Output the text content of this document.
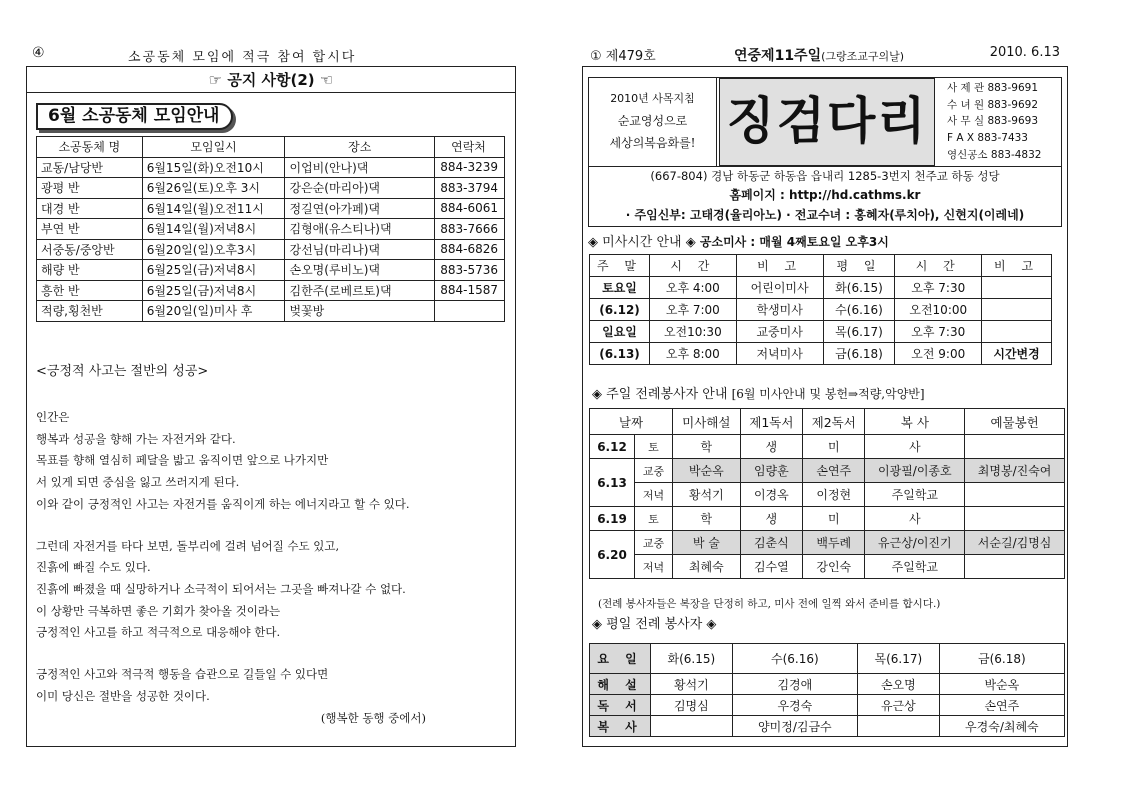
④	소공동체 모임에 적극 참여 합시다
☞ 공지 사항(2) ☜
6월 소공동체 모임안내
소공동체 명	모임일시	장소	연락처
교동/남당반	6월15일(화)오전10시	이업비(안나)댁	884-3239
광평 반	6월26일(토)오후 3시	강은순(마리아)댁	883-3794
대경 반	6월14일(월)오전11시	정길연(아가페)댁	884-6061
부연 반	6월14일(월)저녁8시	김형애(유스티나)댁	883-7666
서중동/중앙반	6월20일(일)오후3시	강선님(마리나)댁	884-6826
해량 반	6월25일(금)저녁8시	손오명(루비노)댁	883-5736
흥한 반	6월25일(금)저녁8시	김한주(로베르토)댁	884-1587
적량,횡천반	6월20일(일)미사 후	벚꽃방	
<긍정적 사고는 절반의 성공>

인간은

행복과 성공을 향해 가는 자전거와 같다.

목표를 향해 열심히 페달을 밟고 움직이면 앞으로 나가지만

서 있게 되면 중심을 잃고 쓰러지게 된다.

이와 같이 긍정적인 사고는 자전거를 움직이게 하는 에너지라고 할 수 있다.

그런데 자전거를 타다 보면, 돌부리에 걸려 넘어질 수도 있고,

진흙에 빠질 수도 있다.

진흙에 빠졌을 때 실망하거나 소극적이 되어서는 그곳을 빠져나갈 수 없다.

이 상황만 극복하면 좋은 기회가 찾아올 것이라는

긍정적인 사고를 하고 적극적으로 대응해야 한다.

긍정적인 사고와 적극적 행동을 습관으로 길들일 수 있다면

이미 당신은 절반을 성공한 것이다.

(행복한 동행 중에서)

① 제479호	연중제11주일(그랑조교구의날)	2010. 6.13
2010년 사목지침
순교영성으로
세상의복음화를! 징검다리
사 제 관 883-9691
수 녀 원 883-9692
사 무 실 883-9693
F A X 883-7433
영신공소 883-4832
(667-804) 경남 하동군 하동읍 읍내리 1285-3번지 천주교 하동 성당
홈페이지 : http://hd.cathms.kr
· 주임신부: 고태경(율리아노) · 전교수녀 : 홍혜자(루치아), 신현지(이레네)
◈ 미사시간 안내 ◈ 공소미사 : 매월 4째토요일 오후3시
주 말	시 간	비 고	평 일	시 간	비 고
토요일	오후 4:00	어린이미사	화(6.15)	오후 7:30	
(6.12)	오후 7:00	학생미사	수(6.16)	오전10:00	
일요일	오전10:30	교중미사	목(6.17)	오후 7:30	
(6.13)	오후 8:00	저녁미사	금(6.18)	오전 9:00	시간변경
◈ 주일 전례봉사자 안내 [6월 미사안내 및 봉헌⇒적량,악양반]
날짜		미사해설	제1독서	제2독서	복 사	예물봉헌
6.12	토	학	생	미	사	
6.13	교중	박순옥	임량훈	손연주	이광필/이종호	최명봉/진숙여
	저녁	황석기	이경옥	이정현	주일학교	
6.19	토	학	생	미	사	
6.20	교중	박 술	김춘식	백두례	유근상/이진기	서순길/김명심
	저녁	최혜숙	김수열	강인숙	주일학교	
(전례 봉사자들은 복장을 단정히 하고, 미사 전에 일찍 와서 준비를 합시다.)
◈ 평일 전례 봉사자 ◈
요 일	화(6.15)	수(6.16)	목(6.17)	금(6.18)
해 설	황석기	김경애	손오명	박순옥
독 서	김명심	우경숙	유근상	손연주
복 사		양미정/김금수		우경숙/최혜숙
